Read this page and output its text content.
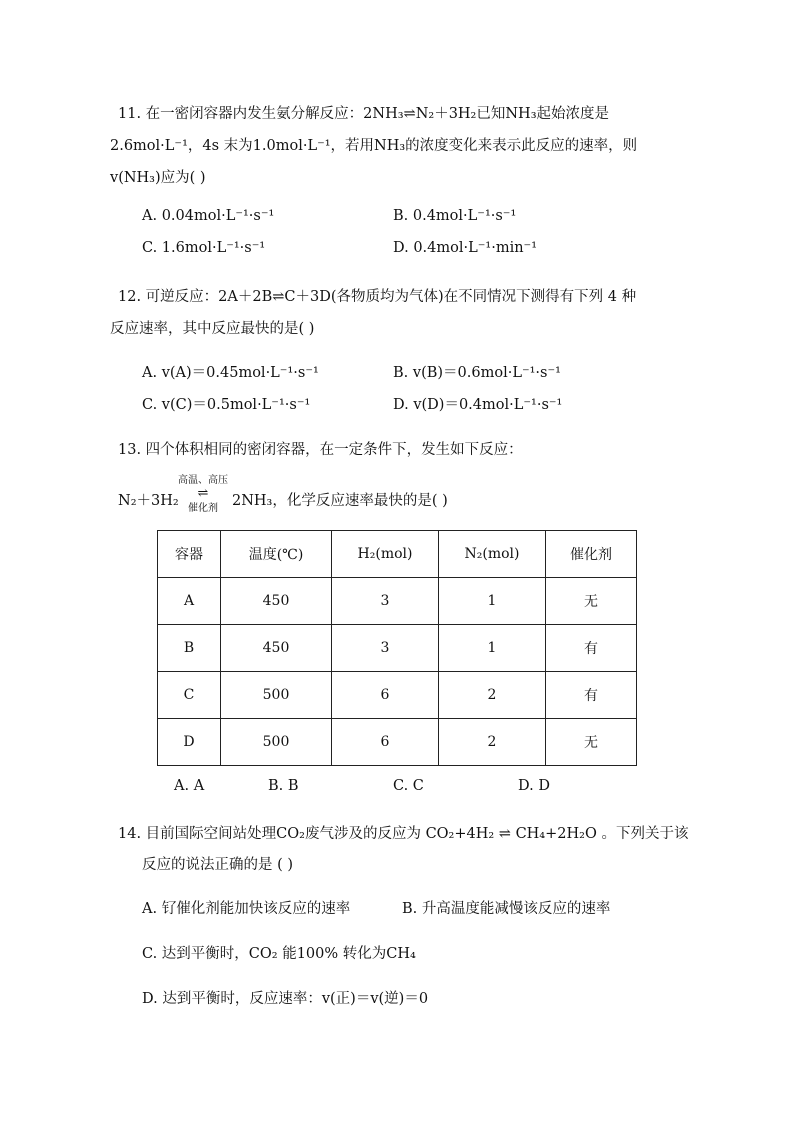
11. 在一密闭容器内发生氨分解反应：2NH₃⇌N₂＋3H₂已知NH₃起始浓度是
2.6mol·L⁻¹，4s 末为1.0mol·L⁻¹，若用NH₃的浓度变化来表示此反应的速率，则
v(NH₃)应为( )
A. 0.04mol·L⁻¹·s⁻¹	B. 0.4mol·L⁻¹·s⁻¹
C. 1.6mol·L⁻¹·s⁻¹	D. 0.4mol·L⁻¹·min⁻¹
12. 可逆反应：2A＋2B⇌C＋3D(各物质均为气体)在不同情况下测得有下列 4 种
反应速率，其中反应最快的是( )
A. v(A)＝0.45mol·L⁻¹·s⁻¹	B. v(B)＝0.6mol·L⁻¹·s⁻¹
C. v(C)＝0.5mol·L⁻¹·s⁻¹	D. v(D)＝0.4mol·L⁻¹·s⁻¹
13. 四个体积相同的密闭容器，在一定条件下，发生如下反应：
N₂＋3H₂
高温、高压
⇌
催化剂 2NH₃，化学反应速率最快的是( )
容器	温度(℃)	H₂(mol)	N₂(mol)	催化剂
A	450	3	1	无
B	450	3	1	有
C	500	6	2	有
D	500	6	2	无
A. A	B. B	C. C	D. D
14. 目前国际空间站处理CO₂废气涉及的反应为 CO₂+4H₂ ⇌ CH₄+2H₂O 。下列关于该
反应的说法正确的是 ( )
A. 钌催化剂能加快该反应的速率	B. 升高温度能减慢该反应的速率
C. 达到平衡时，CO₂ 能100% 转化为CH₄
D. 达到平衡时，反应速率：v(正)＝v(逆)＝0
